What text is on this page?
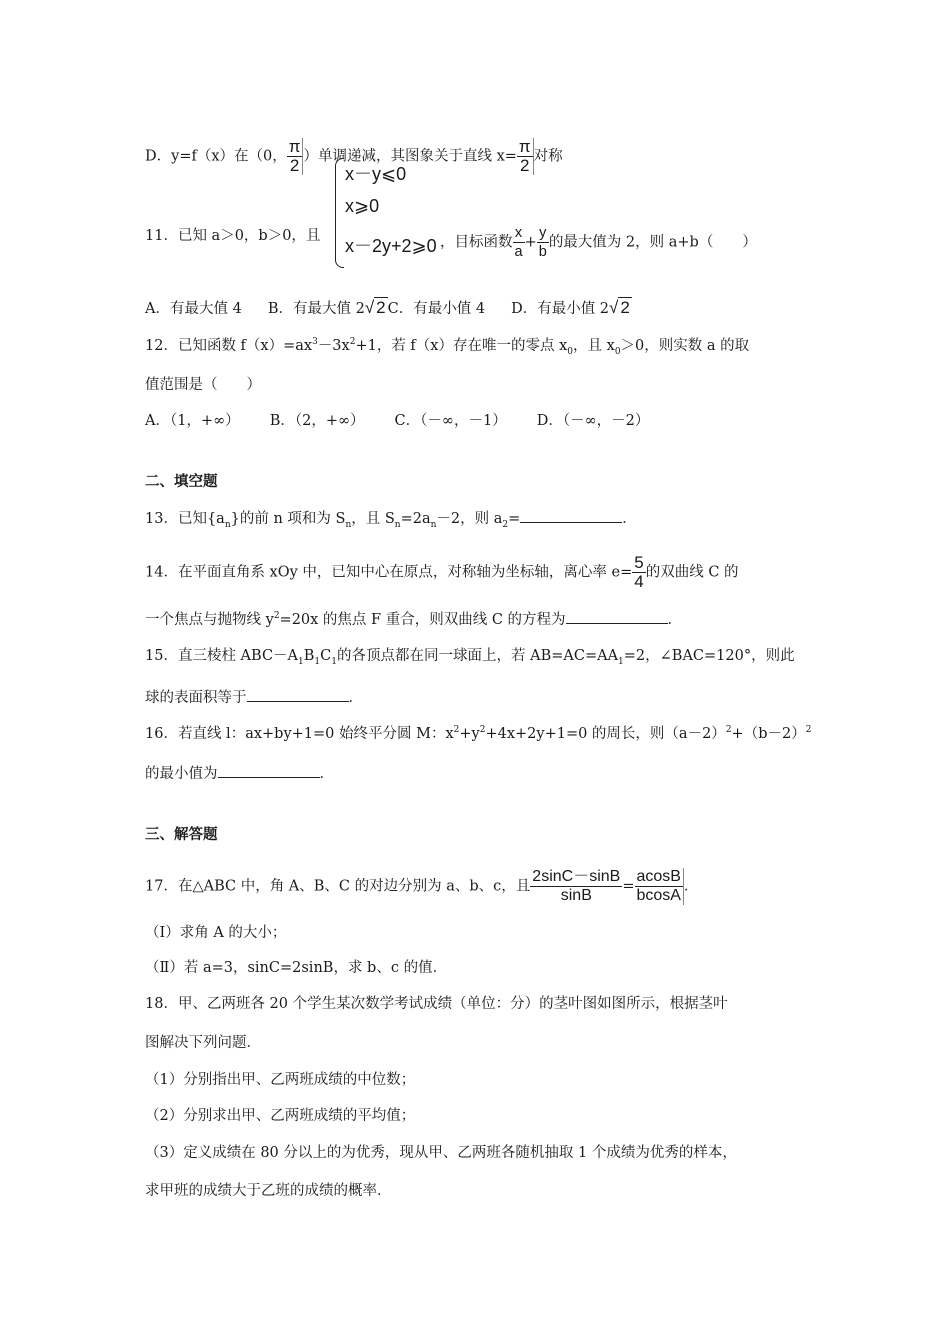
D．y=f（x）在（0， $\frac{\pi}{2}$ ）单调递减，其图象关于直线 $x= \frac{\pi}{2}$ 对称
11．已知 a＞0，b＞0，且
x－y⩽0
x⩾0
x－2y+2⩾0 ，目标函数 $\frac{x}{a} + \frac{y}{b}$ 的最大值为 2，则 a+b（　　）
A．有最大值 4 B．有最大值 2√ 2 C．有最小值 4 D．有最小值 2√ 2
12．已知函数 $f(x)=ax^3-3x^2+1$，若 f（x）存在唯一的零点 $x_0$，且 $x_0>0$，则实数 a 的取
值范围是（　　）
A．（1，+∞） B．（2，+∞） C．（－∞，－1） D．（－∞，－2）
二、填空题
13．已知$\{a_n\}$的前 n 项和为 $S_n$，且 $S_n=2a_n-2$，则 $a_2=$	．
14．在平面直角系 xOy 中，已知中心在原点，对称轴为坐标轴，离心率 $e= \frac{5}{4}$ 的双曲线 C 的
一个焦点与抛物线 $y^2=20x$ 的焦点 F 重合，则双曲线 C 的方程为	．
15．直三棱柱 $ABC-A_1B_1C_1$的各顶点都在同一球面上，若 $AB=AC=AA_1=2$，∠BAC=120°，则此
球的表面积等于	．
16．若直线 l：ax+by+1=0 始终平分圆 M：$x^2+y^2+4x+2y+1=0$ 的周长，则$(a-2)^2+(b-2)^2$
的最小值为	．
三、解答题
17．在△ABC 中，角 A、B、C 的对边分别为 a、b、c，且 $\frac{2\sin C-\sin B}{\sin B} = \frac{acosB}{bcosA}$ ．
（Ⅰ）求角 A 的大小；
（Ⅱ）若 a=3，sinC=2sinB，求 b、c 的值．
18．甲、乙两班各 20 个学生某次数学考试成绩（单位：分）的茎叶图如图所示，根据茎叶
图解决下列问题．
（1）分别指出甲、乙两班成绩的中位数；
（2）分别求出甲、乙两班成绩的平均值；
（3）定义成绩在 80 分以上的为优秀，现从甲、乙两班各随机抽取 1 个成绩为优秀的样本，
求甲班的成绩大于乙班的成绩的概率．
